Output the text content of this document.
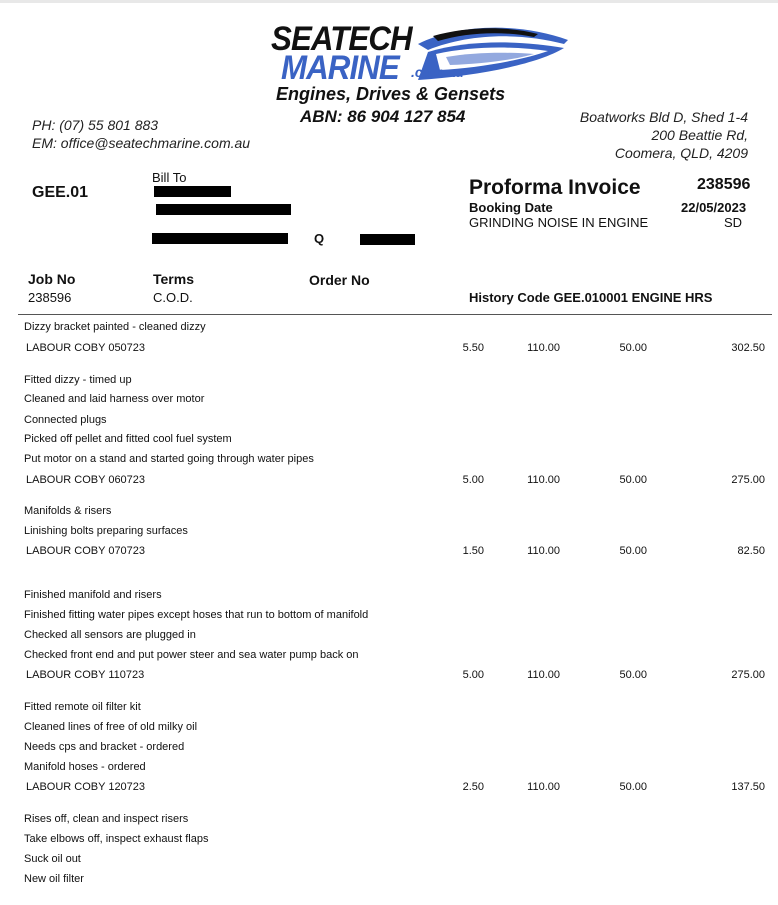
SEATECH
MARINE .com.au
Engines, Drives & Gensets
ABN: 86 904 127 854
PH: (07) 55 801 883
EM: office@seatechmarine.com.au
Boatworks Bld D, Shed 1-4
200 Beattie Rd,
Coomera, QLD, 4209
GEE.01
Bill To
Q
Proforma Invoice	238596
Booking Date	22/05/2023
GRINDING NOISE IN ENGINE	SD
Job No
238596
Terms
C.O.D.
Order No
History Code GEE.010001 ENGINE HRS
Dizzy bracket painted - cleaned dizzy
LABOUR COBY 050723	5.50	110.00	50.00	302.50
Fitted dizzy - timed up
Cleaned and laid harness over motor
Connected plugs
Picked off pellet and fitted cool fuel system
Put motor on a stand and started going through water pipes
LABOUR COBY 060723	5.00	110.00	50.00	275.00
Manifolds & risers
Linishing bolts preparing surfaces
LABOUR COBY 070723	1.50	110.00	50.00	82.50
Finished manifold and risers
Finished fitting water pipes except hoses that run to bottom of manifold
Checked all sensors are plugged in
Checked front end and put power steer and sea water pump back on
LABOUR COBY 110723	5.00	110.00	50.00	275.00
Fitted remote oil filter kit
Cleaned lines of free of old milky oil
Needs cps and bracket - ordered
Manifold hoses - ordered
LABOUR COBY 120723	2.50	110.00	50.00	137.50
Rises off, clean and inspect risers
Take elbows off, inspect exhaust flaps
Suck oil out
New oil filter
